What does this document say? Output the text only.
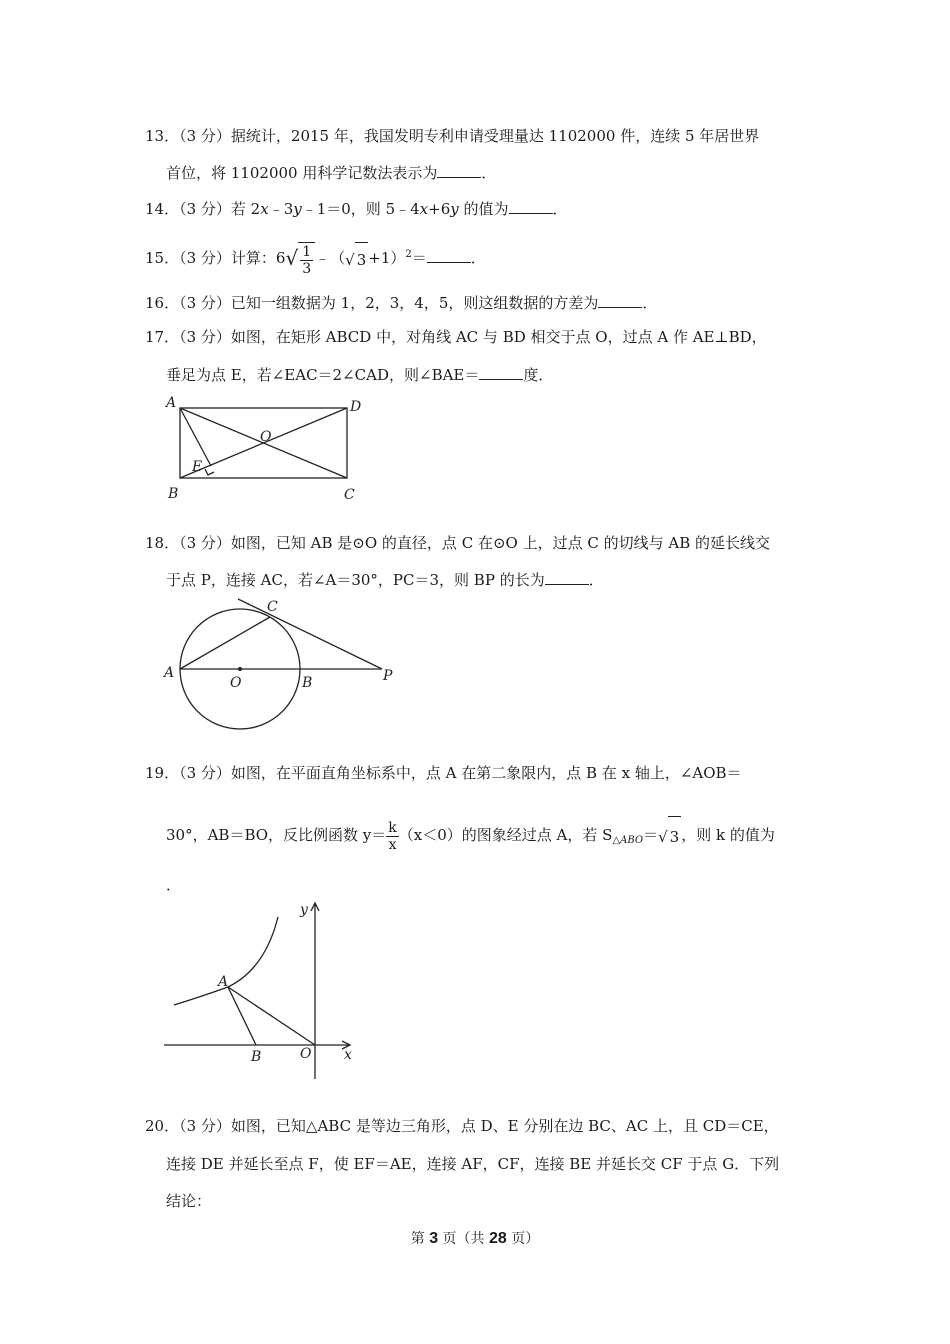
13．（3 分）据统计，2015 年，我国发明专利申请受理量达 1102000 件，连续 5 年居世界
首位，将 1102000 用科学记数法表示为	．
14．（3 分）若 2x﹣3y﹣1＝0，则 5﹣4x+6y 的值为	．
15．（3 分）计算：$6√ \frac{1}{3}$ ﹣（√ 3 +1）$^2$＝	．
16．（3 分）已知一组数据为 1，2，3，4，5，则这组数据的方差为	．
17．（3 分）如图，在矩形 ABCD 中，对角线 AC 与 BD 相交于点 O，过点 A 作 AE⊥BD，
垂足为点 E，若∠EAC＝2∠CAD，则∠BAE＝	度．
A	D
O
E
B	C
18．（3 分）如图，已知 AB 是⊙O 的直径，点 C 在⊙O 上，过点 C 的切线与 AB 的延长线交
于点 P，连接 AC，若∠A＝30°，PC＝3，则 BP 的长为	．
C
A
O	B	P
19．（3 分）如图，在平面直角坐标系中，点 A 在第二象限内，点 B 在 x 轴上，∠AOB＝
30°，AB＝BO，反比例函数 $y= \frac{k}{x} (x<0)$的图象经过点 A，若 $S_{\triangle ABO}=√$ 3 ，则 k 的值为
．
A
B	O x
y
20．（3 分）如图，已知△ABC 是等边三角形，点 D、E 分别在边 BC、AC 上，且 CD＝CE，
连接 DE 并延长至点 F，使 EF＝AE，连接 AF，CF，连接 BE 并延长交 CF 于点 G．下列
结论：
第 3 页（共 28 页）
